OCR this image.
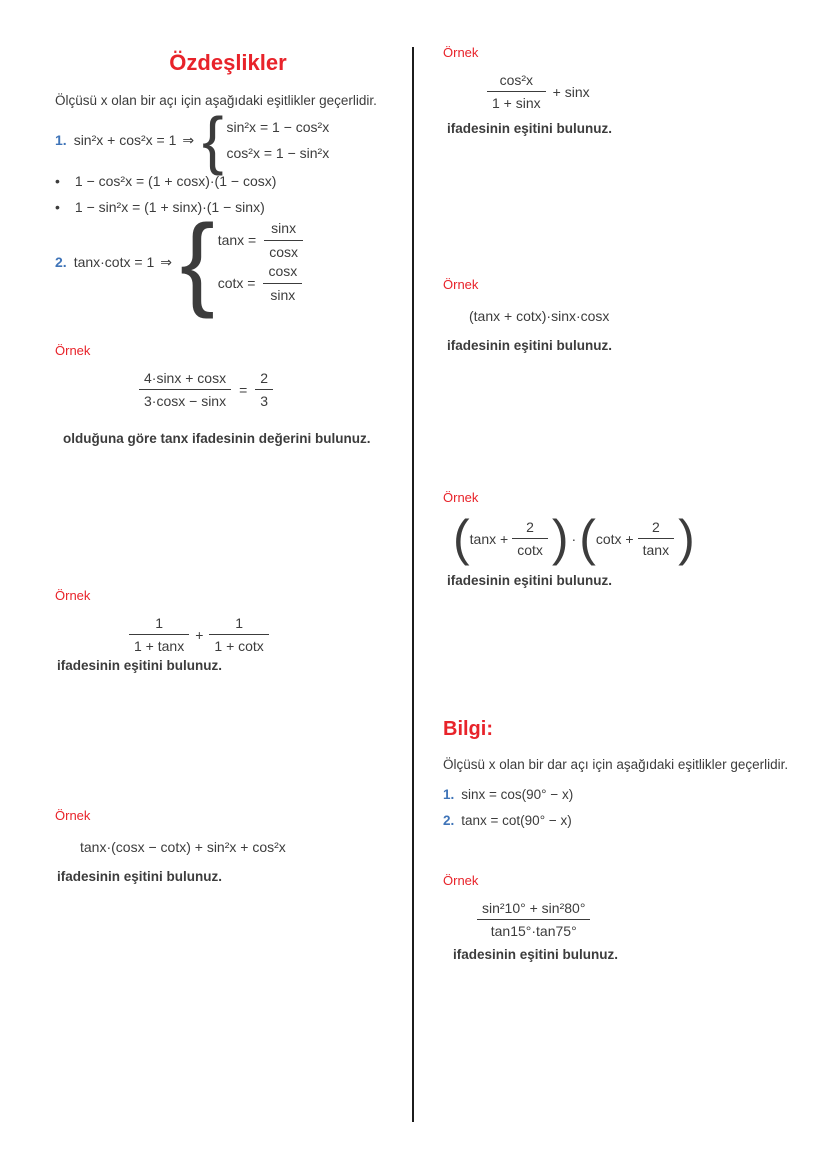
Özdeşlikler
Ölçüsü x olan bir açı için aşağıdaki eşitlikler geçerlidir.
1. sin²x + cos²x = 1 ⇒ { sin²x = 1 − cos²x
cos²x = 1 − sin²x
• 1 − cos²x = (1 + cosx)·(1 − cosx)
• 1 − sin²x = (1 + sinx)·(1 − sinx)
2. tanx·cotx = 1 ⇒ { $\tan x = \frac{\sin x}{\cos x}$
$\cot x = \frac{\cos x}{\sin x}$
Örnek
$\frac{4\cdot\sin x + \cos x}{3\cdot\cos x - \sin x} = \frac{2}{3}$
olduğuna göre tanx ifadesinin değerini bulunuz.
Örnek
$\frac{1}{1 + \tan x} + \frac{1}{1 + \cot x}$
ifadesinin eşitini bulunuz.
Örnek
tanx·(cosx − cotx) + sin²x + cos²x
ifadesinin eşitini bulunuz.
Örnek
$\frac{\text{cos²x}}{1 + \sin x} + \sin x$
ifadesinin eşitini bulunuz.
Örnek
(tanx + cotx)·sinx·cosx
ifadesinin eşitini bulunuz.
Örnek
( $\tan x + \frac{2}{\cot x}$ ) · ( $\cot x + \frac{2}{\tan x}$ )
ifadesinin eşitini bulunuz.
Bilgi:
Ölçüsü x olan bir dar açı için aşağıdaki eşitlikler geçerlidir.
1. sinx = cos(90° − x)
2. tanx = cot(90° − x)
Örnek
$\frac{\text{sin²10° + sin²80°}}{\tan 15^\circ\cdot\tan 75^\circ}$
ifadesinin eşitini bulunuz.
